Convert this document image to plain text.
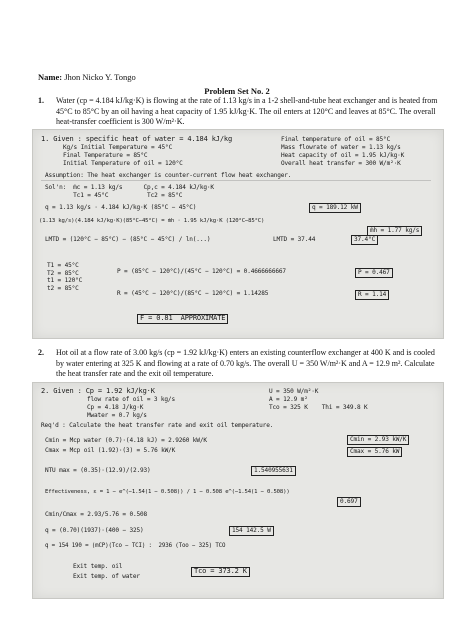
Name: Jhon Nicko Y. Tongo
Problem Set No. 2
1. Water (cp = 4.184 kJ/kg·K) is flowing at the rate of 1.13 kg/s in a 1-2 shell-and-tube heat exchanger and is heated from 45°C to 85°C by an oil having a heat capacity of 1.95 kJ/kg·K. The oil enters at 120°C and leaves at 85°C. The overall heat-transfer coefficient is 300 W/m²·K.
1. Given : specific heat of water = 4.184 kJ/kg
Kg/s Initial Temperature = 45°C
Final Temperature = 85°C
Initial Temperature of oil = 120°C
Final temperature of oil = 85°C
Mass flowrate of water = 1.13 kg/s
Heat capacity of oil = 1.95 kJ/kg·K
Overall heat transfer = 300 W/m²·K
Assumption: The heat exchanger is counter-current flow heat exchanger.
Sol'n:  ṁc = 1.13 kg/s      Cp,c = 4.184 kJ/kg·K
Tc1 = 45°C           Tc2 = 85°C
q = 1.13 kg/s · 4.184 kJ/kg·K (85°C − 45°C)	q = 189.12 kW
(1.13 kg/s)(4.184 kJ/kg·K)(85°C−45°C) = ṁh · 1.95 kJ/kg·K (120°C−85°C)
ṁh = 1.77 kg/s
LMTD = (120°C − 85°C) − (85°C − 45°C) / ln(...)	LMTD = 37.44	37.4°C
T1 = 45°C
T2 = 85°C
t1 = 120°C
t2 = 85°C
P = (85°C − 120°C)/(45°C − 120°C) = 0.4666666667	P = 0.467
R = (45°C − 120°C)/(85°C − 120°C) = 1.14285	R = 1.14
F = 0.81  APPROXIMATE
2. Hot oil at a flow rate of 3.00 kg/s (cp = 1.92 kJ/kg·K) enters an existing counterflow exchanger at 400 K and is cooled by water entering at 325 K and flowing at a rate of 0.70 kg/s. The overall U = 350 W/m²·K and A = 12.9 m². Calculate the heat transfer rate and the exit oil temperature.
2. Given : Cp = 1.92 kJ/kg·K
flow rate of oil = 3 kg/s
Cp = 4.18 J/kg·K
Mwater = 0.7 kg/s
U = 350 W/m²·K
A = 12.9 m²
Tco = 325 K    Thi = 349.8 K
Req'd : Calculate the heat transfer rate and exit oil temperature.
Cmin = Mcp water (0.7)·(4.18 kJ) = 2.9260 kW/K	Cmin = 2.93 kW/K
Cmax = Mcp oil (1.92)·(3) = 5.76 kW/K	Cmax = 5.76 kW
NTU max = (0.35)·(12.9)/(2.93)	1.540955631
Effectiveness, ε = 1 − e^(−1.54(1 − 0.508)) / 1 − 0.508 e^(−1.54(1 − 0.508))
0.697
Cmin/Cmax = 2.93/5.76 = 0.508
q = (0.70)(1937)·(400 − 325)	154 142.5 W
q = 154 190 = (mCP)(Tco − TCI) :  2936 (Too − 325) TCO
Exit temp. oil
Exit temp. of water
Tco = 373.2 K
